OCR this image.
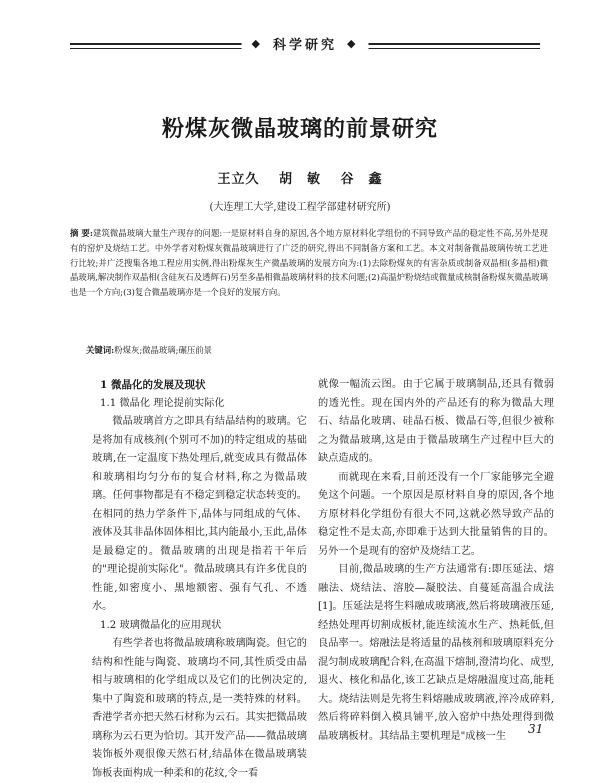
◆ 科学研究 ◆
粉煤灰微晶玻璃的前景研究
王立久 胡　敏 谷　鑫
(大连理工大学,建设工程学部建材研究所)
摘 要:建筑微晶玻璃大量生产现存的问题:一是原材料自身的原因,各个地方原材料化学组份的不同导致产品的稳定性不高,另外是现有的窑炉及烧结工艺。中外学者对粉煤灰微晶玻璃进行了广泛的研究,得出不同制备方案和工艺。本文对制备微晶玻璃传统工艺进行比较;并广泛搜集各地工程应用实例,得出粉煤灰生产微晶玻璃的发展方向为:(1)去除粉煤灰的有害杂质或制备双晶相(多晶相)微晶玻璃,解决制作双晶相(含硅灰石及透辉石)另至多晶相微晶玻璃材料的技术问题;(2)高温炉粉烧结或微量成核制备粉煤灰微晶玻璃也是一个方向;(3)复合微晶玻璃亦是一个良好的发展方向。
关键词:粉煤灰;微晶玻璃;碾压前景
1 微晶化的发展及现状
1.1 微晶化 理论提前实际化

微晶玻璃首方之即具有结晶结构的玻璃。它是将加有成核剂(个别可不加)的特定组成的基础玻璃,在一定温度下热处理后,就变成具有微晶体和玻璃相均匀分布的复合材料,称之为微晶玻璃。任何事物都是有不稳定到稳定状态转变的。在相同的热力学条件下,晶体与同组成的气体、液体及其非晶体固体相比,其内能最小,玉此,晶体是最稳定的。微晶玻璃的出现是指若干年后的"理论提前实际化"。微晶玻璃具有许多优良的性能,如密度小、黑地额密、强有气孔、不透水。

1.2 玻璃微晶化的应用现状

有些学者也将微晶玻璃称玻璃陶瓷。但它的结构和性能与陶瓷、玻璃均不同,其性质受由晶相与玻璃相的化学组成以及它们的比例决定的,集中了陶瓷和玻璃的特点,是一类特殊的材料。香港学者亦把天然石材称为云石。其实把微晶玻璃称为云石更为恰切。其开发产品——微晶玻璃装饰板外观很像天然石材,结晶体在微晶玻璃装饰板表面构成一种柔和的花纹,令一看

就像一幅流云图。由于它属于玻璃制品,还具有微弱的透光性。现在国内外的产品还有的称为微晶大理石、结晶化玻璃、硅晶石板、微晶石等,但很少被称之为微晶玻璃,这是由于微晶玻璃生产过程中巨大的缺点造成的。

而就现在来看,目前还没有一个厂家能够完全避免这个问题。一个原因是原材料自身的原因,各个地方原材料化学组份有很大不同,这就必然导致产品的稳定性不是太高,亦即难于达到大批量销售的目的。另外一个是现有的窑炉及烧结工艺。

目前,微晶玻璃的生产方法通常有:即压延法、熔融法、烧结法、溶胶—凝胶法、自蔓延高温合成法[1]。压延法是将生料融成玻璃液,然后将玻璃液压延,经热处理再切割成板材,能连续流水生产、热耗低,但良品率一。熔融法是将适量的晶核剂和玻璃原料充分混匀制成玻璃配合料,在高温下熔制,澄清均化、成型,退火、核化和晶化,该工艺缺点是熔融温度过高,能耗大。烧结法则是先将生料熔融成玻璃液,淬冷成碎料,然后将碎料倒入模具铺平,放入窑炉中热处理得到微晶玻璃板材。其结晶主要机理是"成核一生	31
